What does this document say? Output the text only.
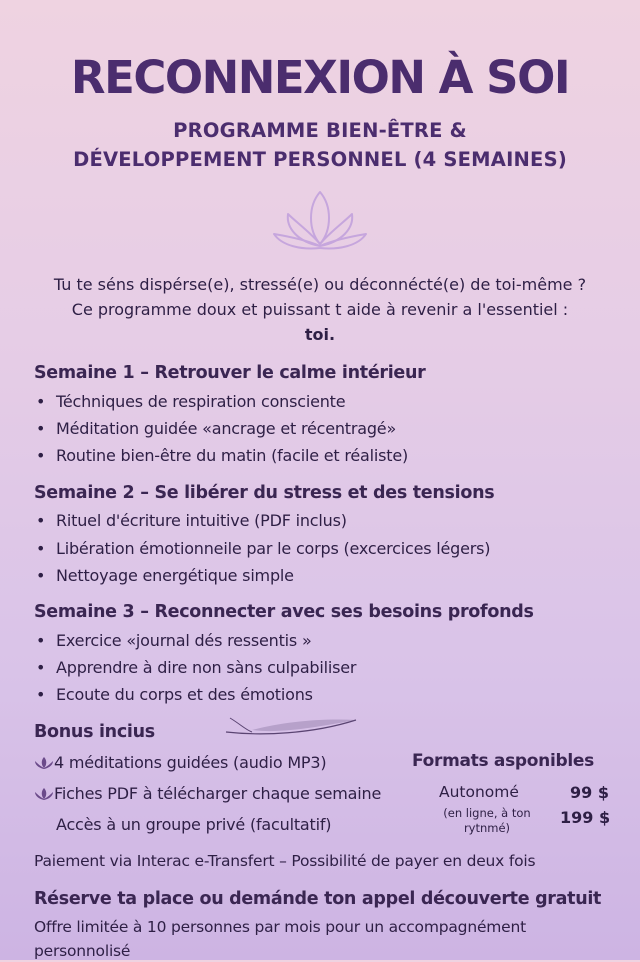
RECONNEXION À SOI
PROGRAMME BIEN-ÊTRE &
DÉVELOPPEMENT PERSONNEL (4 SEMAINES)
Tu te séns dispérse(e), stressé(e) ou déconnéсté(e) de toi-même ?
Ce programme doux et puissant t aide à revenir a l'essentiel :
toi.
Semaine 1 – Retrouver le calme intérieur
• Téchniques de respiration consciente
• Méditation guidée «ancrage et récentragé»
• Routine bien-être du matin (facile et réaliste)
Semaine 2 – Se libérer du stress et des tensions
• Rituel d'écriture intuitive (PDF inclus)
• Libération émotionneile par le corps (excercices légers)
• Nettoyage energétique simple
Semaine 3 – Reconnecter avec ses besoins profonds
• Exercice «journal dés ressentis »
• Apprendre à dire non sàns culpabiliser
• Ecoute du corps et des émotions
Bonus incius
4 méditations guidées (audio MP3)
Fiches PDF à télécharger chaque semaine
Accès à un groupe privé (facultatif)
Formats asponibles
Autonomé
(en ligne, à ton rytnmé)
99 $
199 $
Paiement via Interac e-Transfert – Possibilité de payer en deux fois
Réserve ta place ou demánde ton appel découverte gratuit
Offre limitée à 10 personnes par mois pour un accompagnément
personnolisé
